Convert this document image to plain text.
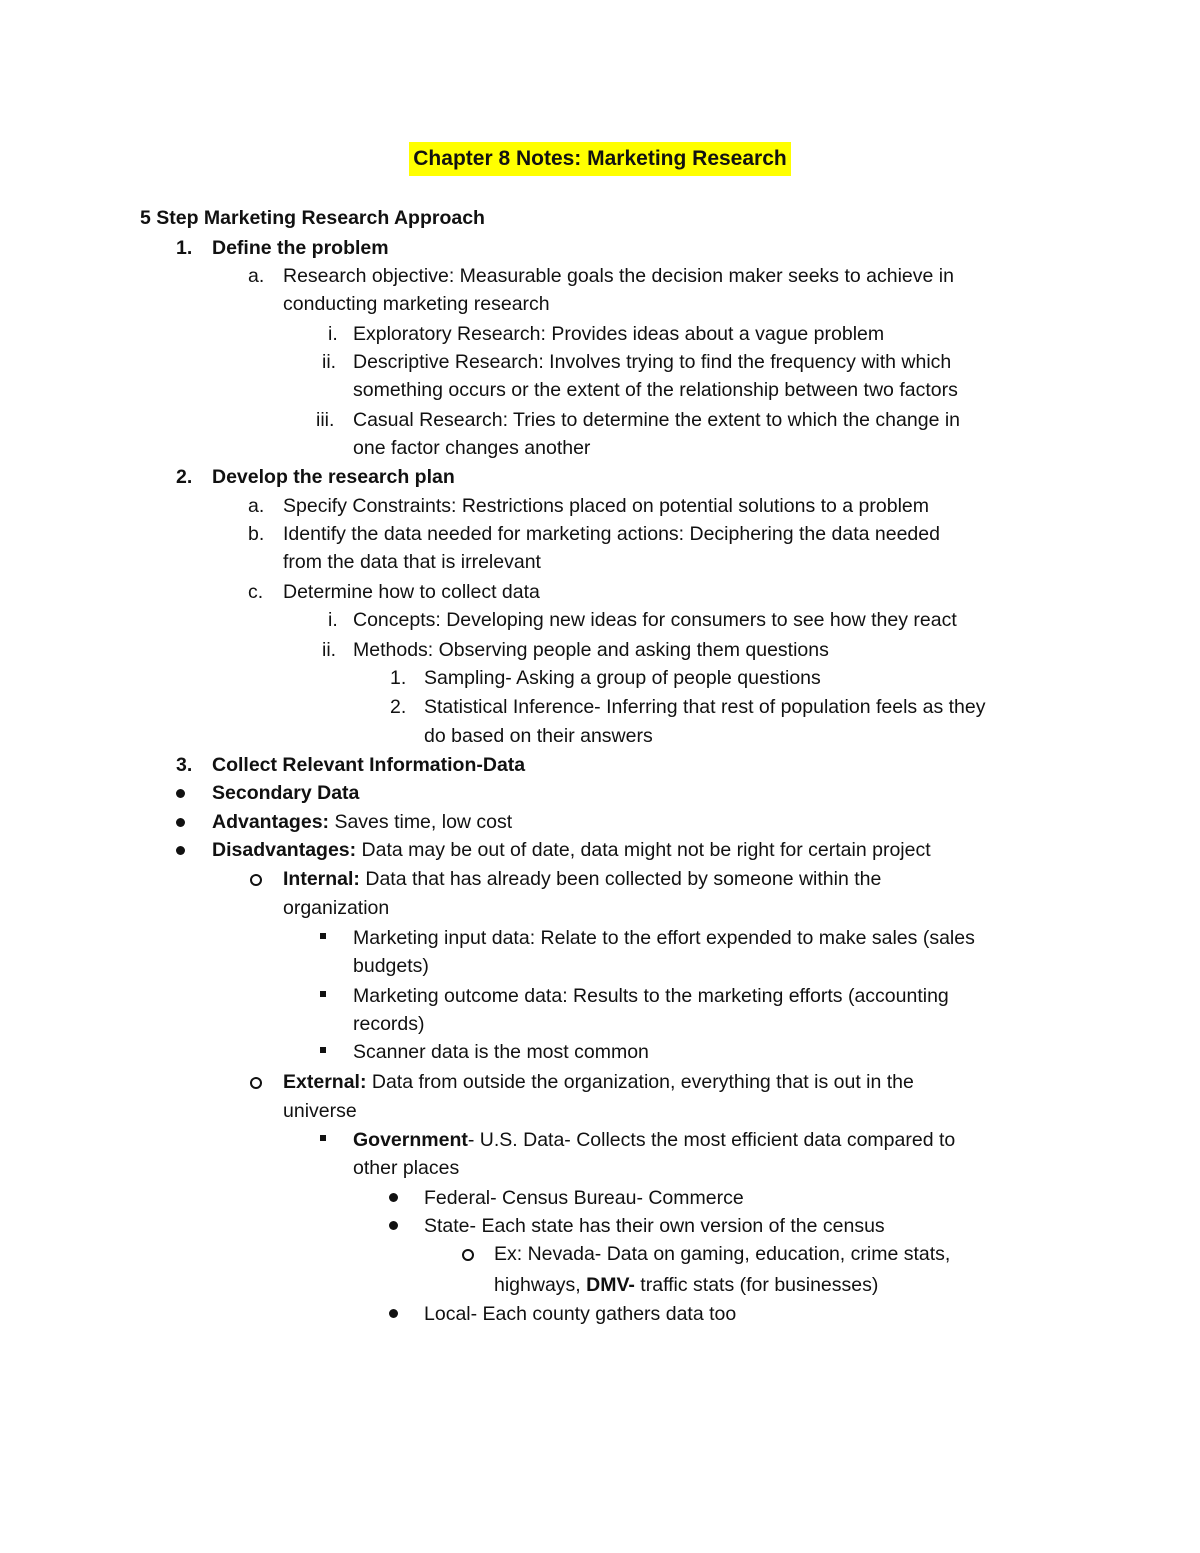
Chapter 8 Notes: Marketing Research
5 Step Marketing Research Approach
1. Define the problem
a. Research objective: Measurable goals the decision maker seeks to achieve in
conducting marketing research
i. Exploratory Research: Provides ideas about a vague problem
ii. Descriptive Research: Involves trying to find the frequency with which
something occurs or the extent of the relationship between two factors
iii. Casual Research: Tries to determine the extent to which the change in
one factor changes another
2. Develop the research plan
a. Specify Constraints: Restrictions placed on potential solutions to a problem
b. Identify the data needed for marketing actions: Deciphering the data needed
from the data that is irrelevant
c. Determine how to collect data
i. Concepts: Developing new ideas for consumers to see how they react
ii. Methods: Observing people and asking them questions
1. Sampling- Asking a group of people questions
2. Statistical Inference- Inferring that rest of population feels as they
do based on their answers
3. Collect Relevant Information-Data
Secondary Data
Advantages: Saves time, low cost
Disadvantages: Data may be out of date, data might not be right for certain project
Internal: Data that has already been collected by someone within the
organization
Marketing input data: Relate to the effort expended to make sales (sales
budgets)
Marketing outcome data: Results to the marketing efforts (accounting
records)
Scanner data is the most common
External: Data from outside the organization, everything that is out in the
universe
Government- U.S. Data- Collects the most efficient data compared to
other places
Federal- Census Bureau- Commerce
State- Each state has their own version of the census
Ex: Nevada- Data on gaming, education, crime stats,
highways, DMV- traffic stats (for businesses)
Local- Each county gathers data too
